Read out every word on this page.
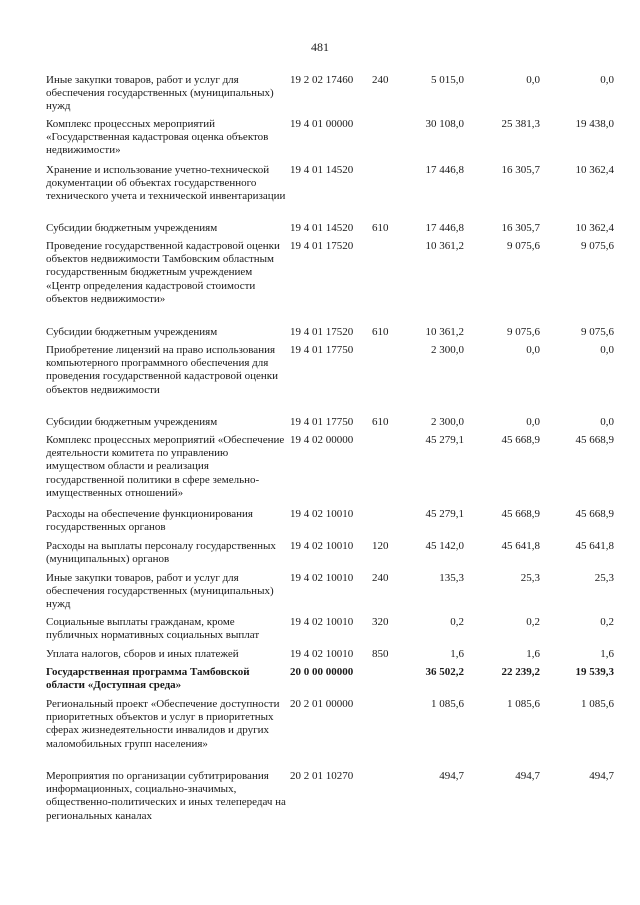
481
Иные закупки товаров, работ и услуг для обеспечения государственных (муниципальных) нужд
19 2 02 17460 240	5 015,0	0,0	0,0
Комплекс процессных мероприятий «Государственная кадастровая оценка объектов недвижимости»
19 4 01 00000	30 108,0	25 381,3	19 438,0
Хранение и использование учетно-технической документации об объектах государственного технического учета и технической инвентаризации
19 4 01 14520	17 446,8	16 305,7	10 362,4
Субсидии бюджетным учреждениям	19 4 01 14520 610	17 446,8	16 305,7	10 362,4
Проведение государственной кадастровой оценки объектов недвижимости Тамбовским областным государственным бюджетным учреждением «Центр определения кадастровой стоимости объектов недвижимости»
19 4 01 17520	10 361,2	9 075,6	9 075,6
Субсидии бюджетным учреждениям	19 4 01 17520 610	10 361,2	9 075,6	9 075,6
Приобретение лицензий на право использования компьютерного программного обеспечения для проведения государственной кадастровой оценки объектов недвижимости
19 4 01 17750	2 300,0	0,0	0,0
Субсидии бюджетным учреждениям	19 4 01 17750 610	2 300,0	0,0	0,0
Комплекс процессных мероприятий «Обеспечение деятельности комитета по управлению имуществом области и реализация государственной политики в сфере земельно-имущественных отношений»
19 4 02 00000	45 279,1	45 668,9	45 668,9
Расходы на обеспечение функционирования государственных органов
19 4 02 10010	45 279,1	45 668,9	45 668,9
Расходы на выплаты персоналу государственных (муниципальных) органов
19 4 02 10010 120	45 142,0	45 641,8	45 641,8
Иные закупки товаров, работ и услуг для обеспечения государственных (муниципальных) нужд
19 4 02 10010 240	135,3	25,3	25,3
Социальные выплаты гражданам, кроме публичных нормативных социальных выплат
19 4 02 10010 320	0,2	0,2	0,2
Уплата налогов, сборов и иных платежей	19 4 02 10010 850	1,6	1,6	1,6
Государственная программа Тамбовской области «Доступная среда»
20 0 00 00000	36 502,2	22 239,2	19 539,3
Региональный проект «Обеспечение доступности приоритетных объектов и услуг в приоритетных сферах жизнедеятельности инвалидов и других маломобильных групп населения»
20 2 01 00000	1 085,6	1 085,6	1 085,6
Мероприятия по организации субтитрирования информационных, социально-значимых, общественно-политических и иных телепередач на региональных каналах
20 2 01 10270	494,7	494,7	494,7
